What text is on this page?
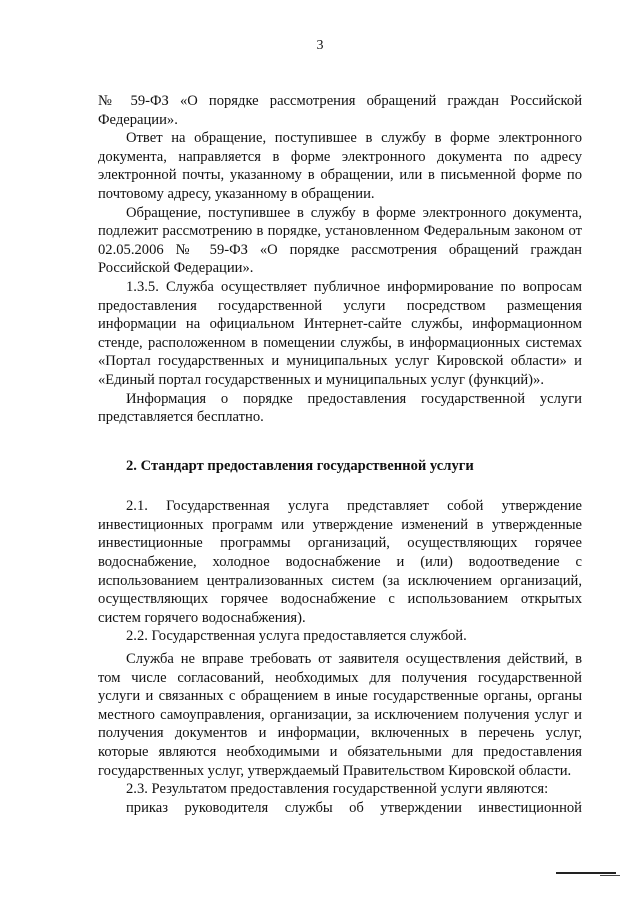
3

№ 59-ФЗ «О порядке рассмотрения обращений граждан Российской Федерации».

Ответ на обращение, поступившее в службу в форме электронного документа, направляется в форме электронного документа по адресу электронной почты, указанному в обращении, или в письменной форме по почтовому адресу, указанному в обращении.

Обращение, поступившее в службу в форме электронного документа, подлежит рассмотрению в порядке, установленном Федеральным законом от 02.05.2006 № 59-ФЗ «О порядке рассмотрения обращений граждан Российской Федерации».

1.3.5. Служба осуществляет публичное информирование по вопросам предоставления государственной услуги посредством размещения информации на официальном Интернет-сайте службы, информационном стенде, расположенном в помещении службы, в информационных системах «Портал государственных и муниципальных услуг Кировской области» и «Единый портал государственных и муниципальных услуг (функций)».

Информация о порядке предоставления государственной услуги представляется бесплатно.

2. Стандарт предоставления государственной услуги

2.1. Государственная услуга представляет собой утверждение инвестиционных программ или утверждение изменений в утвержденные инвестиционные программы организаций, осуществляющих горячее водоснабжение, холодное водоснабжение и (или) водоотведение с использованием централизованных систем (за исключением организаций, осуществляющих горячее водоснабжение с использованием открытых систем горячего водоснабжения).

2.2. Государственная услуга предоставляется службой.

Служба не вправе требовать от заявителя осуществления действий, в том числе согласований, необходимых для получения государственной услуги и связанных с обращением в иные государственные органы, органы местного самоуправления, организации, за исключением получения услуг и получения документов и информации, включенных в перечень услуг, которые являются необходимыми и обязательными для предоставления государственных услуг, утверждаемый Правительством Кировской области.

2.3. Результатом предоставления государственной услуги являются:

приказ руководителя службы об утверждении инвестиционной
